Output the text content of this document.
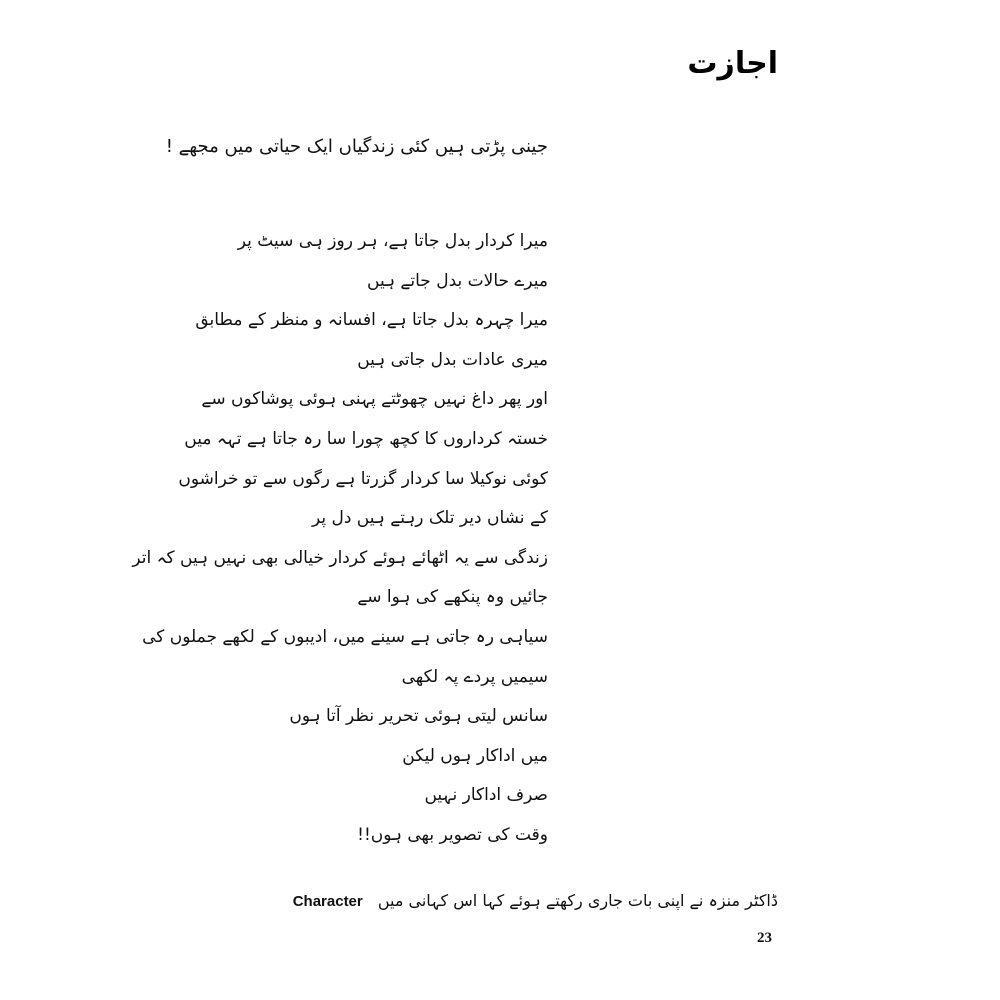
اجازت
جینی پڑتی ہیں کئی زندگیاں ایک حیاتی میں مجھے !
میرا کردار بدل جاتا ہے، ہر روز ہی سیٹ پر
میرے حالات بدل جاتے ہیں
میرا چہرہ بدل جاتا ہے، افسانہ و منظر کے مطابق
میری عادات بدل جاتی ہیں
اور پھر داغ نہیں چھوٹتے پہنی ہوئی پوشاکوں سے
خستہ کرداروں کا کچھ چورا سا رہ جاتا ہے تہہ میں
کوئی نوکیلا سا کردار گزرتا ہے رگوں سے تو خراشوں
کے نشاں دیر تلک رہتے ہیں دل پر
زندگی سے یہ اٹھائے ہوئے کردار خیالی بھی نہیں ہیں کہ اتر
جائیں وہ پنکھے کی ہوا سے
سیاہی رہ جاتی ہے سینے میں، ادیبوں کے لکھے جملوں کی
سیمیں پردے پہ لکھی
سانس لیتی ہوئی تحریر نظر آتا ہوں
میں اداکار ہوں لیکن
صرف اداکار نہیں
وقت کی تصویر بھی ہوں!!
ڈاکٹر منزہ نے اپنی بات جاری رکھتے ہوئے کہا اس کہانی میں Character
23
